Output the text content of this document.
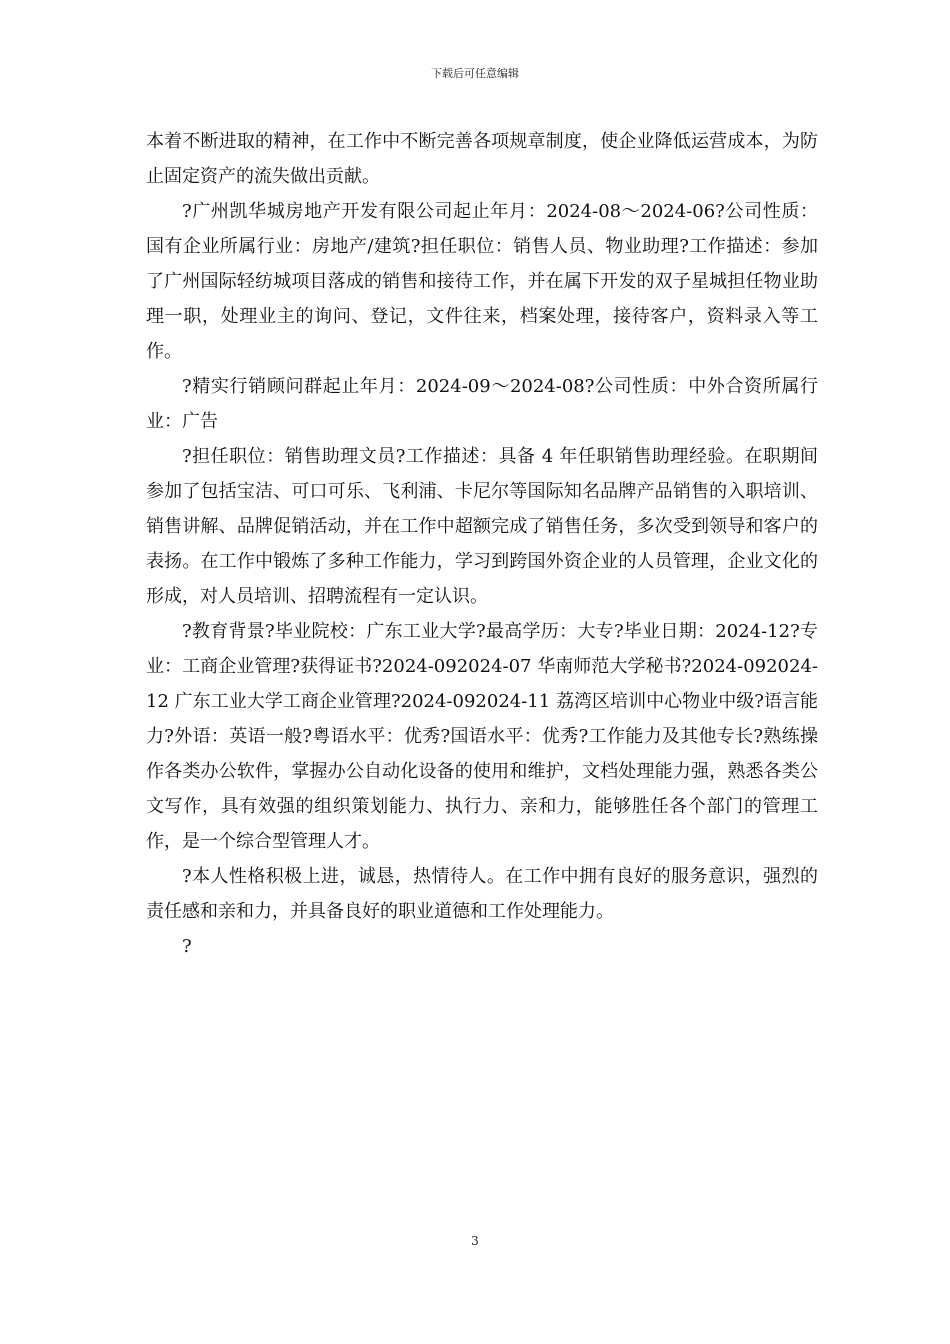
下载后可任意编辑

本着不断进取的精神，在工作中不断完善各项规章制度，使企业降低运营成本，为防止固定资产的流失做出贡献。

?广州凯华城房地产开发有限公司起止年月：2024-08～2024-06?公司性质：国有企业所属行业：房地产/建筑?担任职位：销售人员、物业助理?工作描述：参加了广州国际轻纺城项目落成的销售和接待工作，并在属下开发的双子星城担任物业助理一职，处理业主的询问、登记，文件往来，档案处理，接待客户，资料录入等工作。

?精实行销顾问群起止年月：2024-09～2024-08?公司性质：中外合资所属行业：广告

?担任职位：销售助理文员?工作描述：具备 4 年任职销售助理经验。在职期间参加了包括宝洁、可口可乐、飞利浦、卡尼尔等国际知名品牌产品销售的入职培训、销售讲解、品牌促销活动，并在工作中超额完成了销售任务，多次受到领导和客户的表扬。在工作中锻炼了多种工作能力，学习到跨国外资企业的人员管理，企业文化的形成，对人员培训、招聘流程有一定认识。

?教育背景?毕业院校：广东工业大学?最高学历：大专?毕业日期：2024-12?专业：工商企业管理?获得证书?2024-092024-07 华南师范大学秘书?2024-092024-12 广东工业大学工商企业管理?2024-092024-11 荔湾区培训中心物业中级?语言能力?外语：英语一般?粤语水平：优秀?国语水平：优秀?工作能力及其他专长?熟练操作各类办公软件，掌握办公自动化设备的使用和维护，文档处理能力强，熟悉各类公文写作，具有效强的组织策划能力、执行力、亲和力，能够胜任各个部门的管理工作，是一个综合型管理人才。

?本人性格积极上进，诚恳，热情待人。在工作中拥有良好的服务意识，强烈的责任感和亲和力，并具备良好的职业道德和工作处理能力。

?

3
